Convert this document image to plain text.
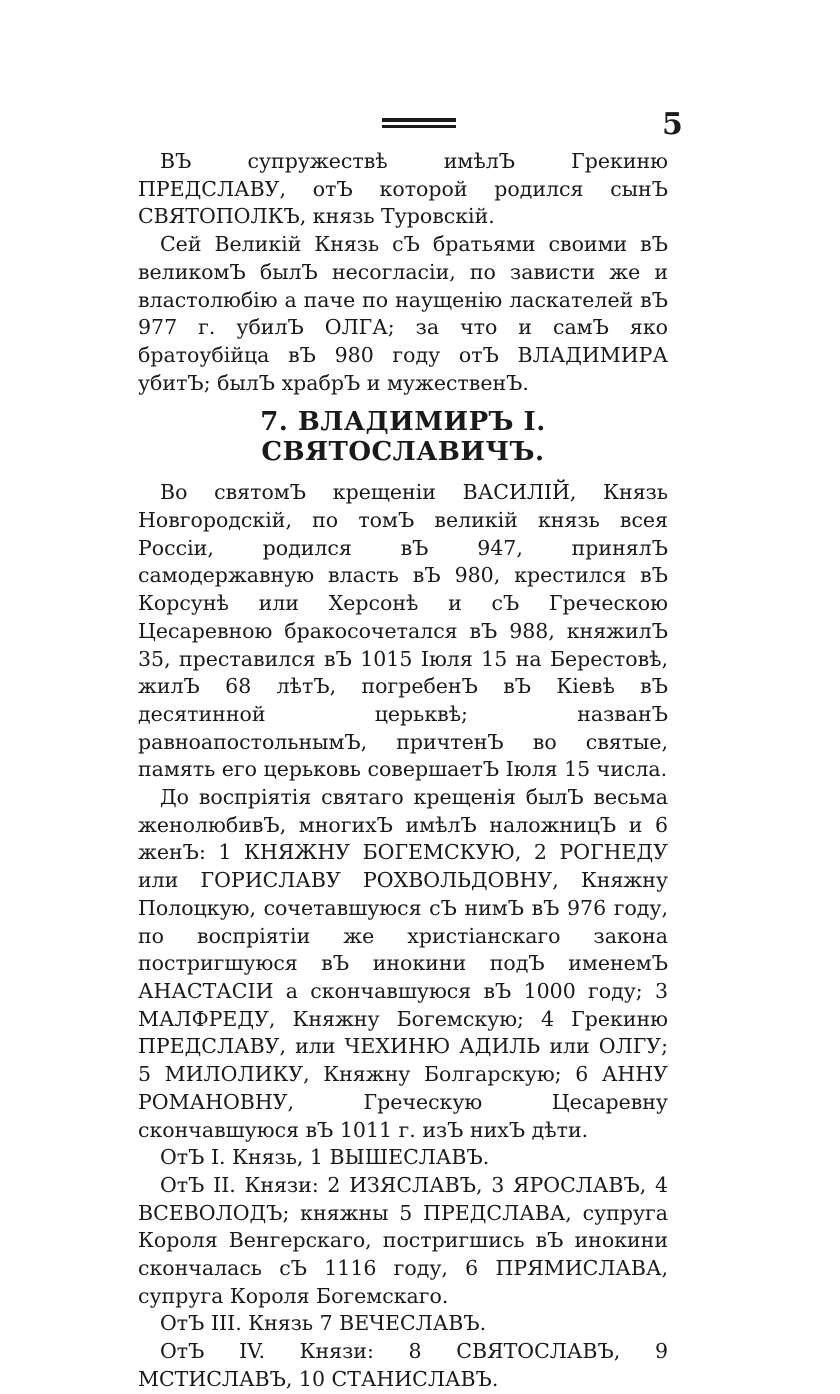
5

ВЪ супружествѣ имѣлЪ Грекиню ПРЕДСЛАВУ, отЪ которой родился сынЪ СВЯТОПОЛКЪ, князь Туровскій.

Сей Великій Князь сЪ братьями своими вЪ великомЪ былЪ несогласіи, по зависти же и властолюбію а паче по наущенію ласкателей вЪ 977 г. убилЪ ОЛГА; за что и самЪ яко братоубійца вЪ 980 году отЪ ВЛАДИМИРА убитЪ; былЪ храбрЪ и мужественЪ.

7. ВЛАДИМИРЪ I. СВЯТОСЛАВИЧЪ.

Во святомЪ крещеніи ВАСИЛІЙ, Князь Новгородскій, по томЪ великій князь всея Россіи, родился вЪ 947, принялЪ самодержавную власть вЪ 980, крестился вЪ Корсунѣ или Херсонѣ и сЪ Греческою Цесаревною бракосочетался вЪ 988, княжилЪ 35, преставился вЪ 1015 Іюля 15 на Берестовѣ, жилЪ 68 лѣтЪ, погребенЪ вЪ Кіевѣ вЪ десятинной церьквѣ; названЪ равноапостольнымЪ, причтенЪ во святые, память его церьковь совершаетЪ Іюля 15 числа.

До воспріятія святаго крещенія былЪ весьма женолюбивЪ, многихЪ имѣлЪ наложницЪ и 6 женЪ: 1 КНЯЖНУ БОГЕМСКУЮ, 2 РОГНЕДУ или ГОРИСЛАВУ РОХВОЛЬДОВНУ, Княжну Полоцкую, сочетавшуюся сЪ нимЪ вЪ 976 году, по воспріятіи же христіанскаго закона постригшуюся вЪ инокини подЪ именемЪ АНАСТАСІИ а скончавшуюся вЪ 1000 году; 3 МАЛФРЕДУ, Княжну Богемскую; 4 Грекиню ПРЕДСЛАВУ, или ЧЕХИНЮ АДИЛЬ или ОЛГУ; 5 МИЛОЛИКУ, Княжну Болгарскую; 6 АННУ РОМАНОВНУ, Греческую Цесаревну скончавшуюся вЪ 1011 г. изЪ нихЪ дѣти.

ОтЪ I. Князь, 1 ВЫШЕСЛАВЪ.

ОтЪ II. Князи: 2 ИЗЯСЛАВЪ, 3 ЯРОСЛАВЪ, 4 ВСЕВОЛОДЪ; княжны 5 ПРЕДСЛАВА, супруга Короля Венгерскаго, постригшись вЪ инокини скончалась сЪ 1116 году, 6 ПРЯМИСЛАВА, супруга Короля Богемскаго.

ОтЪ III. Князь 7 ВЕЧЕСЛАВЪ.

ОтЪ IV. Князи: 8 СВЯТОСЛАВЪ, 9 МСТИСЛАВЪ, 10 СТАНИСЛАВЪ.
